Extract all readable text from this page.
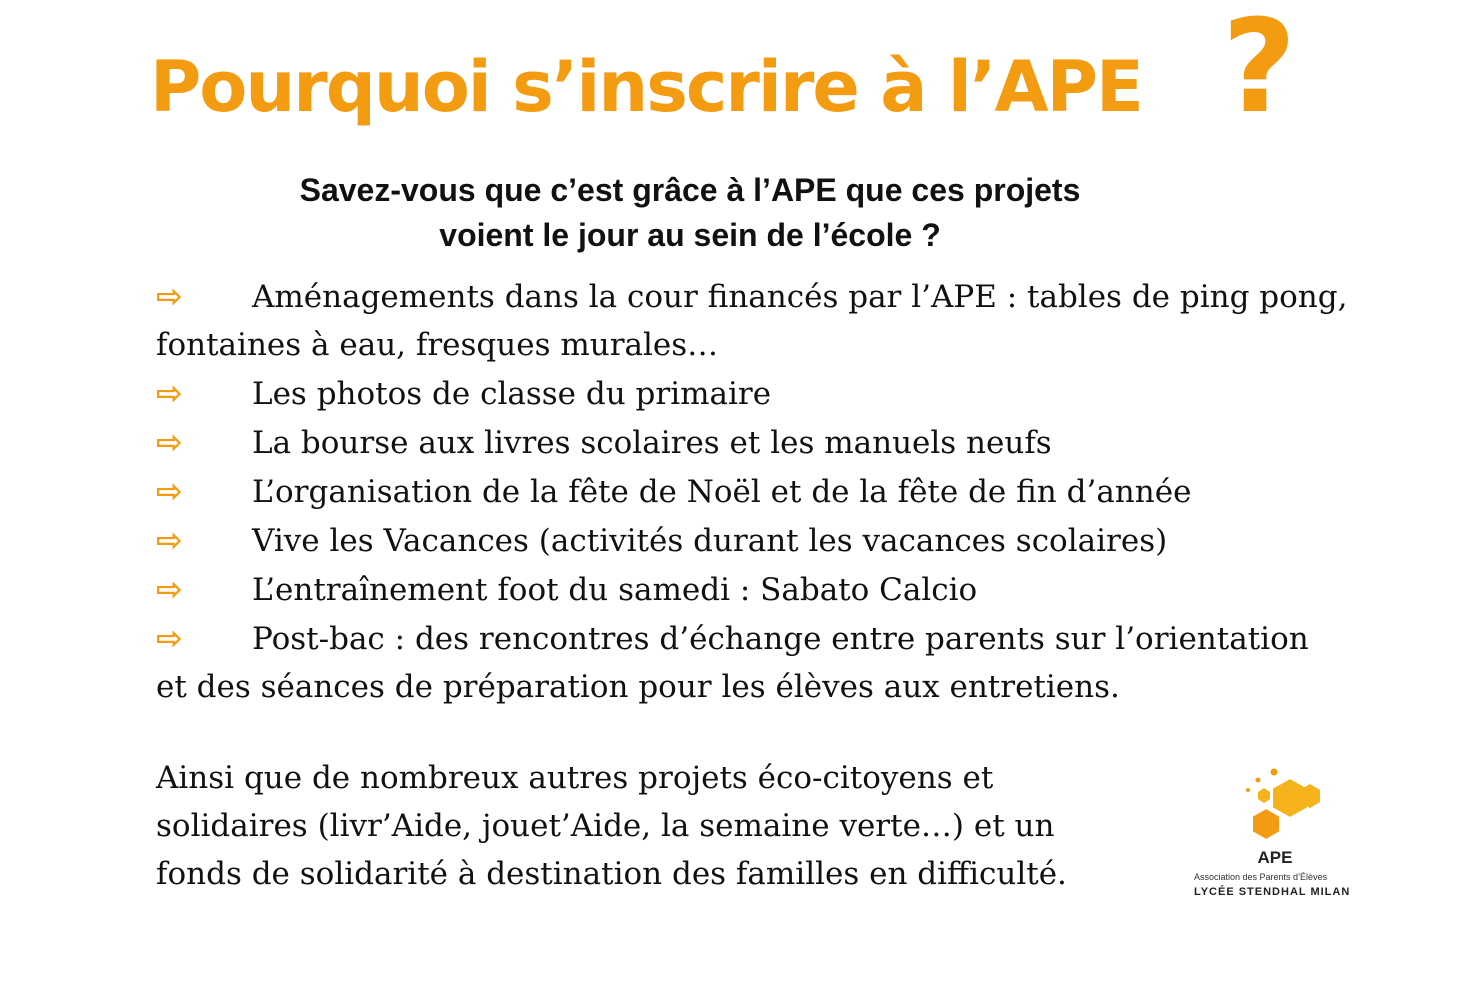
Pourquoi s’inscrire à l’APE ?
Savez-vous que c’est grâce à l’APE que ces projets
voient le jour au sein de l’école ?
⇨ Aménagements dans la cour financés par l’APE : tables de ping pong,
fontaines à eau, fresques murales…
⇨ Les photos de classe du primaire
⇨ La bourse aux livres scolaires et les manuels neufs
⇨ L’organisation de la fête de Noël et de la fête de fin d’année
⇨ Vive les Vacances (activités durant les vacances scolaires)
⇨ L’entraînement foot du samedi : Sabato Calcio
⇨ Post-bac : des rencontres d’échange entre parents sur l’orientation
et des séances de préparation pour les élèves aux entretiens.
Ainsi que de nombreux autres projets éco-citoyens et
solidaires (livr’Aide, jouet’Aide, la semaine verte…) et un
fonds de solidarité à destination des familles en difficulté.	APE
Association des Parents d’Élèves
LYCÉE STENDHAL MILAN
